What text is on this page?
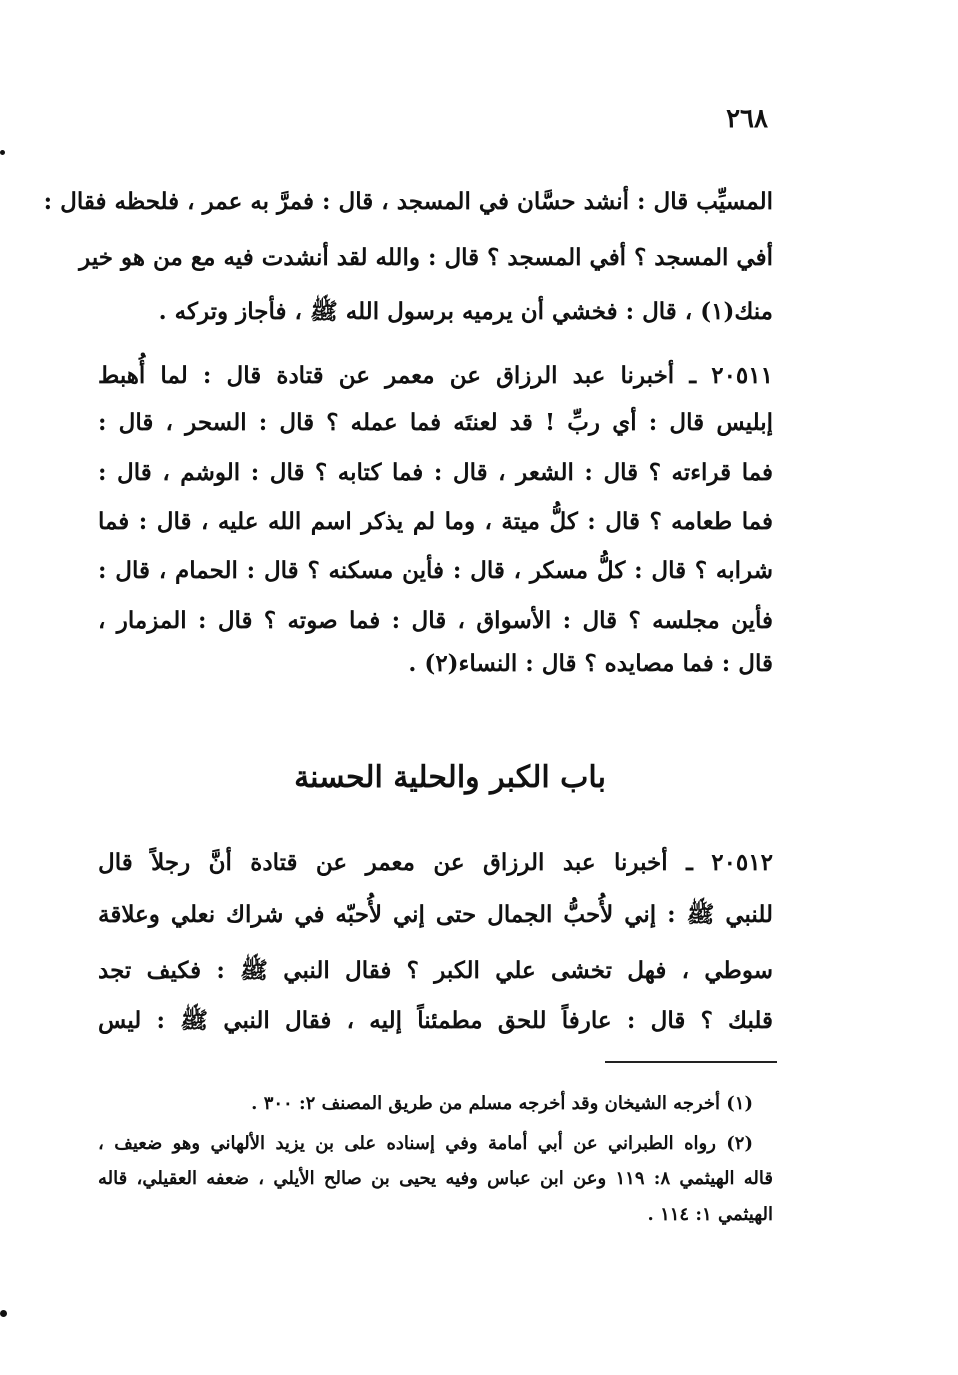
٢٦٨
المسيِّب قال : أنشد حسَّان في المسجد ، قال : فمرَّ به عمر ، فلحظه فقال :
أفي المسجد ؟ أفي المسجد ؟ قال : والله لقد أنشدت فيه مع من هو خير
منك(١) ، قال : فخشي أن يرميه برسول الله ﷺ ، فأجاز وتركه .
٢٠٥١١ ـ أخبرنا عبد الرزاق عن معمر عن قتادة قال : لما أُهبط
إبليس قال : أي ربِّ ! قد لعنتَه فما عمله ؟ قال : السحر ، قال :
فما قراءته ؟ قال : الشعر ، قال : فما كتابه ؟ قال : الوشم ، قال :
فما طعامه ؟ قال : كلُّ ميتة ، وما لم يذكر اسم الله عليه ، قال : فما
شرابه ؟ قال : كلُّ مسكر ، قال : فأين مسكنه ؟ قال : الحمام ، قال :
فأين مجلسه ؟ قال : الأسواق ، قال : فما صوته ؟ قال : المزمار ،
قال : فما مصايده ؟ قال : النساء(٢) .
باب الكبر والحلية الحسنة
٢٠٥١٢ ـ أخبرنا عبد الرزاق عن معمر عن قتادة أنَّ رجلاً قال
للنبي ﷺ : إني لأُحبُّ الجمال حتى إني لأُحبّه في شراك نعلي وعلاقة
سوطي ، فهل تخشى علي الكبر ؟ فقال النبي ﷺ : فكيف تجد
قلبك ؟ قال : عارفاً للحق مطمئناً إليه ، فقال النبي ﷺ : ليس
(١) أخرجه الشيخان وقد أخرجه مسلم من طريق المصنف ٢: ٣٠٠ .
(٢) رواه الطبراني عن أبي أمامة وفي إسناده على بن يزيد الألهاني وهو ضعيف ،
قاله الهيثمي ٨: ١١٩ وعن ابن عباس وفيه يحيى بن صالح الأيلي ، ضعفه العقيلي، قاله
الهيثمي ١: ١١٤ .
